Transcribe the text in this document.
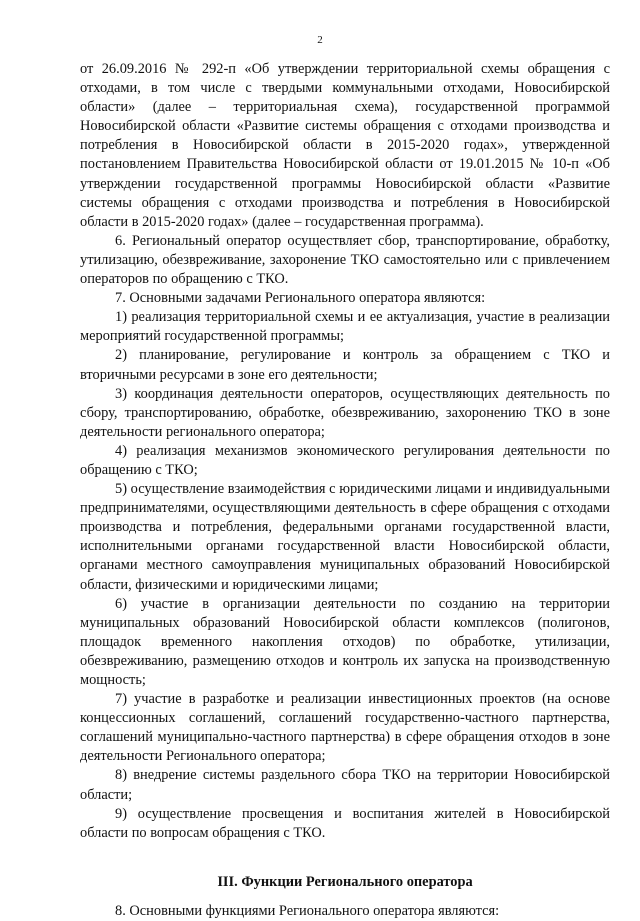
2

от 26.09.2016 № 292-п «Об утверждении территориальной схемы обращения с отходами, в том числе с твердыми коммунальными отходами, Новосибирской области» (далее – территориальная схема), государственной программой Новосибирской области «Развитие системы обращения с отходами производства и потребления в Новосибирской области в 2015-2020 годах», утвержденной постановлением Правительства Новосибирской области от 19.01.2015 № 10-п «Об утверждении государственной программы Новосибирской области «Развитие системы обращения с отходами производства и потребления в Новосибирской области в 2015-2020 годах» (далее – государственная программа).

6. Региональный оператор осуществляет сбор, транспортирование, обработку, утилизацию, обезвреживание, захоронение ТКО самостоятельно или с привлечением операторов по обращению с ТКО.

7. Основными задачами Регионального оператора являются:

1) реализация территориальной схемы и ее актуализация, участие в реализации мероприятий государственной программы;

2) планирование, регулирование и контроль за обращением с ТКО и вторичными ресурсами в зоне его деятельности;

3) координация деятельности операторов, осуществляющих деятельность по сбору, транспортированию, обработке, обезвреживанию, захоронению ТКО в зоне деятельности регионального оператора;

4) реализация механизмов экономического регулирования деятельности по обращению с ТКО;

5) осуществление взаимодействия с юридическими лицами и индивидуальными предпринимателями, осуществляющими деятельность в сфере обращения с отходами производства и потребления, федеральными органами государственной власти, исполнительными органами государственной власти Новосибирской области, органами местного самоуправления муниципальных образований Новосибирской области, физическими и юридическими лицами;

6) участие в организации деятельности по созданию на территории муниципальных образований Новосибирской области комплексов (полигонов, площадок временного накопления отходов) по обработке, утилизации, обезвреживанию, размещению отходов и контроль их запуска на производственную мощность;

7) участие в разработке и реализации инвестиционных проектов (на основе концессионных соглашений, соглашений государственно-частного партнерства, соглашений муниципально-частного партнерства) в сфере обращения отходов в зоне деятельности Регионального оператора;

8) внедрение системы раздельного сбора ТКО на территории Новосибирской области;

9) осуществление просвещения и воспитания жителей в Новосибирской области по вопросам обращения с ТКО.

III. Функции Регионального оператора

8. Основными функциями Регионального оператора являются:
